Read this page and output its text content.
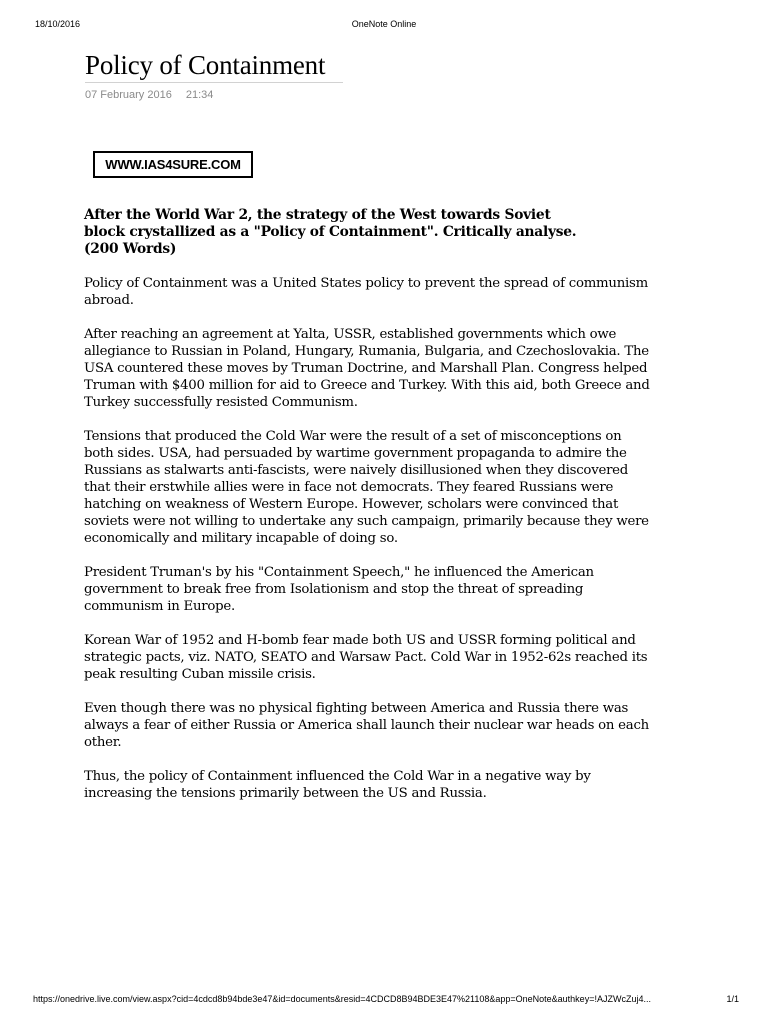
18/10/2016	OneNote Online
Policy of Containment
07 February 2016 21:34
WWW.IAS4SURE.COM

After the World War 2, the strategy of the West towards Soviet block crystallized as a "Policy of Containment". Critically analyse. (200 Words)

Policy of Containment was a United States policy to prevent the spread of communism abroad.

After reaching an agreement at Yalta, USSR, established governments which owe allegiance to Russian in Poland, Hungary, Rumania, Bulgaria, and Czechoslovakia. The USA countered these moves by Truman Doctrine, and Marshall Plan. Congress helped Truman with $400 million for aid to Greece and Turkey. With this aid, both Greece and Turkey successfully resisted Communism.

Tensions that produced the Cold War were the result of a set of misconceptions on both sides. USA, had persuaded by wartime government propaganda to admire the Russians as stalwarts anti-fascists, were naively disillusioned when they discovered that their erstwhile allies were in face not democrats. They feared Russians were hatching on weakness of Western Europe. However, scholars were convinced that soviets were not willing to undertake any such campaign, primarily because they were economically and military incapable of doing so.

President Truman's by his "Containment Speech," he influenced the American government to break free from Isolationism and stop the threat of spreading communism in Europe.

Korean War of 1952 and H-bomb fear made both US and USSR forming political and strategic pacts, viz. NATO, SEATO and Warsaw Pact. Cold War in 1952-62s reached its peak resulting Cuban missile crisis.

Even though there was no physical fighting between America and Russia there was always a fear of either Russia or America shall launch their nuclear war heads on each other.

Thus, the policy of Containment influenced the Cold War in a negative way by increasing the tensions primarily between the US and Russia.

https://onedrive.live.com/view.aspx?cid=4cdcd8b94bde3e47&id=documents&resid=4CDCD8B94BDE3E47%21108&app=OneNote&authkey=!AJZWcZuj4...	1/1
